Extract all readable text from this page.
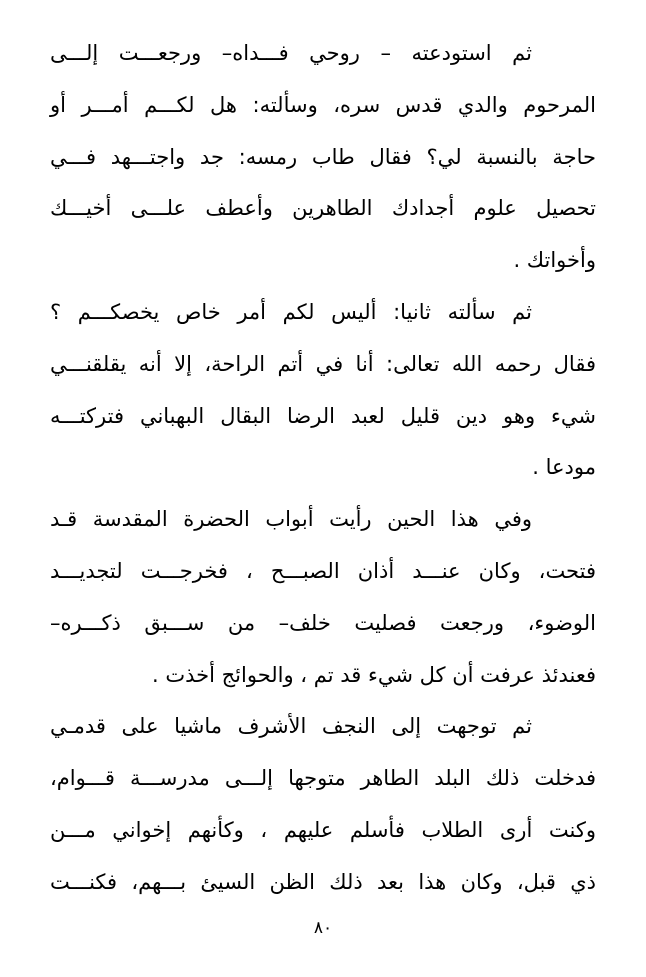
ثم استودعته – روحي فـــداه– ورجعـــت إلـــى
المرحوم والدي قدس سره، وسألته: هل لكـــم أمـــر أو
حاجة بالنسبة لي؟ فقال طاب رمسه: جد واجتـــهد فـــي
تحصيل علوم أجدادك الطاهرين وأعطف علـــى أخيـــك
وأخواتك .
ثم سألته ثانيا: أليس لكم أمر خاص يخصكـــم ؟
فقال رحمه الله تعالى: أنا في أتم الراحة، إلا أنه يقلقنـــي
شيء وهو دين قليل لعبد الرضا البقال البهباني فتركتـــه
مودعا .
وفي هذا الحين رأيت أبواب الحضرة المقدسة قـد
فتحت، وكان عنـــد أذان الصبـــح ، فخرجـــت لتجديـــد
الوضوء، ورجعت فصليت خلف– من ســـبق ذكـــره–
فعندئذ عرفت أن كل شيء قد تم ، والحوائج أخذت .
ثم توجهت إلى النجف الأشرف ماشيا على قدمـي
فدخلت ذلك البلد الطاهر متوجها إلـــى مدرســـة قـــوام،
وكنت أرى الطلاب فأسلم عليهم ، وكأنهم إخواني مـــن
ذي قبل، وكان هذا بعد ذلك الظن السيئ بـــهم، فكنـــت
٨٠
